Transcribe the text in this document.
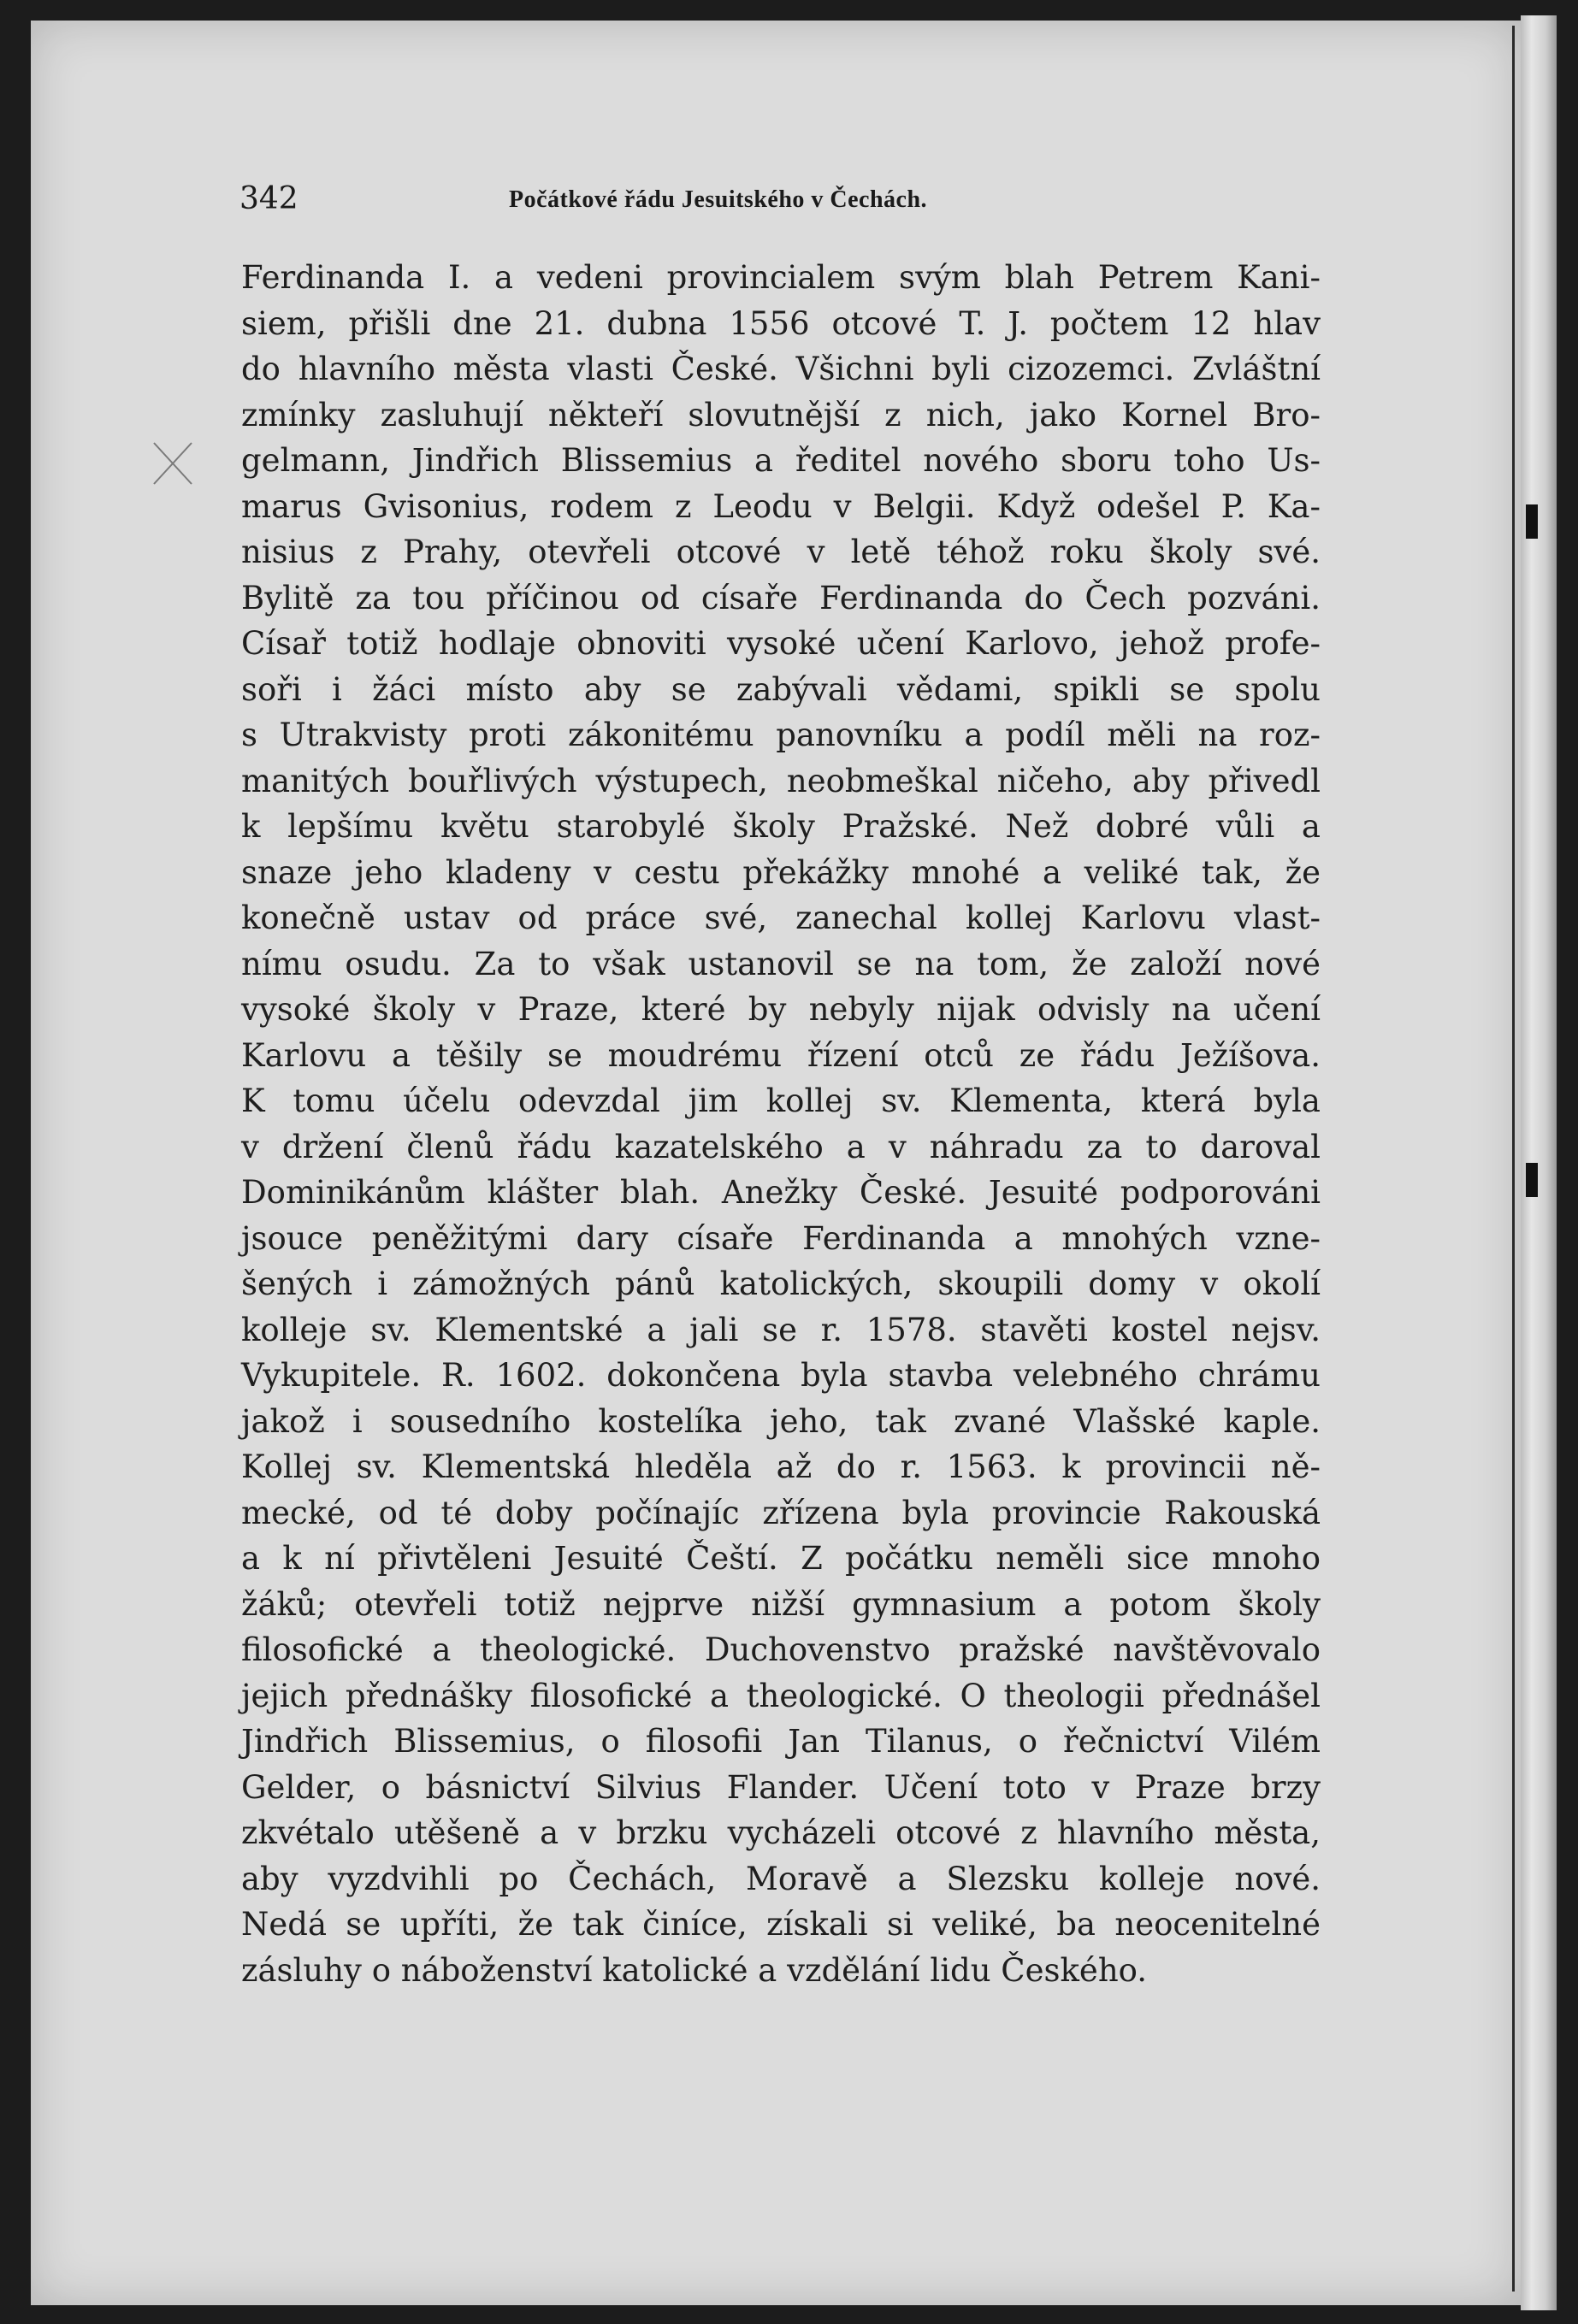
342	Počátkové řádu Jesuitského v Čechách.
Ferdinanda I. a vedeni provincialem svým blah Petrem Kani-
siem, přišli dne 21. dubna 1556 otcové T. J. počtem 12 hlav
do hlavního města vlasti České. Všichni byli cizozemci. Zvláštní
zmínky zasluhují někteří slovutnější z nich, jako Kornel Bro-
gelmann, Jindřich Blissemius a ředitel nového sboru toho Us-
marus Gvisonius, rodem z Leodu v Belgii. Když odešel P. Ka-
nisius z Prahy, otevřeli otcové v letě téhož roku školy své.
Bylitě za tou příčinou od císaře Ferdinanda do Čech pozváni.
Císař totiž hodlaje obnoviti vysoké učení Karlovo, jehož profe-
soři i žáci místo aby se zabývali vědami, spikli se spolu
s Utrakvisty proti zákonitému panovníku a podíl měli na roz-
manitých bouřlivých výstupech, neobmeškal ničeho, aby přivedl
k lepšímu květu starobylé školy Pražské. Než dobré vůli a
snaze jeho kladeny v cestu překážky mnohé a veliké tak, že
konečně ustav od práce své, zanechal kollej Karlovu vlast-
nímu osudu. Za to však ustanovil se na tom, že založí nové
vysoké školy v Praze, které by nebyly nijak odvisly na učení
Karlovu a těšily se moudrému řízení otců ze řádu Ježíšova.
K tomu účelu odevzdal jim kollej sv. Klementa, která byla
v držení členů řádu kazatelského a v náhradu za to daroval
Dominikánům klášter blah. Anežky České. Jesuité podporováni
jsouce peněžitými dary císaře Ferdinanda a mnohých vzne-
šených i zámožných pánů katolických, skoupili domy v okolí
kolleje sv. Klementské a jali se r. 1578. stavěti kostel nejsv.
Vykupitele. R. 1602. dokončena byla stavba velebného chrámu
jakož i sousedního kostelíka jeho, tak zvané Vlašské kaple.
Kollej sv. Klementská hleděla až do r. 1563. k provincii ně-
mecké, od té doby počínajíc zřízena byla provincie Rakouská
a k ní přivtěleni Jesuité Čeští. Z počátku neměli sice mnoho
žáků; otevřeli totiž nejprve nižší gymnasium a potom školy
filosofické a theologické. Duchovenstvo pražské navštěvovalo
jejich přednášky filosofické a theologické. O theologii přednášel
Jindřich Blissemius, o filosofii Jan Tilanus, o řečnictví Vilém
Gelder, o básnictví Silvius Flander. Učení toto v Praze brzy
zkvétalo utěšeně a v brzku vycházeli otcové z hlavního města,
aby vyzdvihli po Čechách, Moravě a Slezsku kolleje nové.
Nedá se upříti, že tak činíce, získali si veliké, ba neocenitelné
zásluhy o náboženství katolické a vzdělání lidu Českého.
